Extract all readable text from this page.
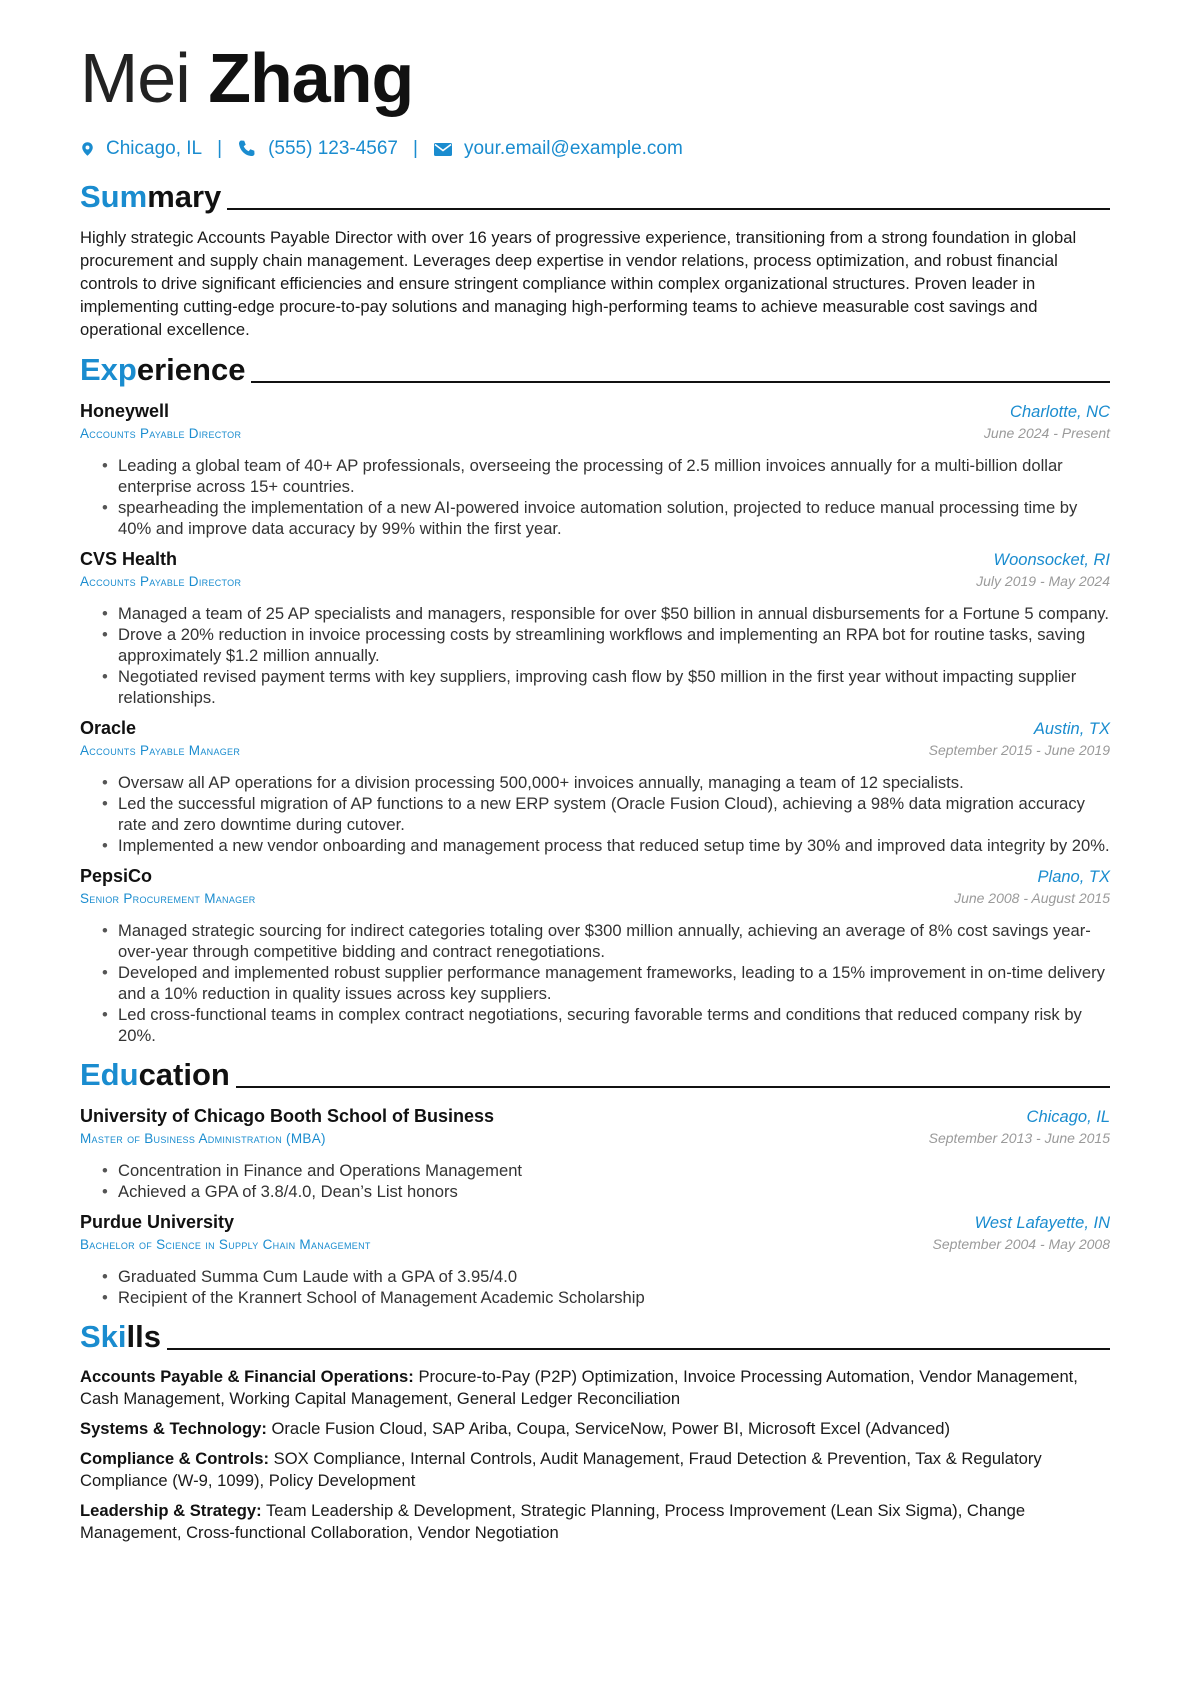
Mei Zhang
Chicago, IL | (555) 123-4567 | your.email@example.com
Summary
Highly strategic Accounts Payable Director with over 16 years of progressive experience, transitioning from a strong foundation in global procurement and supply chain management. Leverages deep expertise in vendor relations, process optimization, and robust financial controls to drive significant efficiencies and ensure stringent compliance within complex organizational structures. Proven leader in implementing cutting-edge procure-to-pay solutions and managing high-performing teams to achieve measurable cost savings and operational excellence.
Experience
Honeywell	Charlotte, NC
Accounts Payable Director	June 2024 - Present
• Leading a global team of 40+ AP professionals, overseeing the processing of 2.5 million invoices annually for a multi-billion dollar enterprise across 15+ countries.
• spearheading the implementation of a new AI-powered invoice automation solution, projected to reduce manual processing time by 40% and improve data accuracy by 99% within the first year.
CVS Health	Woonsocket, RI
Accounts Payable Director	July 2019 - May 2024
• Managed a team of 25 AP specialists and managers, responsible for over $50 billion in annual disbursements for a Fortune 5 company.
• Drove a 20% reduction in invoice processing costs by streamlining workflows and implementing an RPA bot for routine tasks, saving approximately $1.2 million annually.
• Negotiated revised payment terms with key suppliers, improving cash flow by $50 million in the first year without impacting supplier relationships.
Oracle	Austin, TX
Accounts Payable Manager	September 2015 - June 2019
• Oversaw all AP operations for a division processing 500,000+ invoices annually, managing a team of 12 specialists.
• Led the successful migration of AP functions to a new ERP system (Oracle Fusion Cloud), achieving a 98% data migration accuracy rate and zero downtime during cutover.
• Implemented a new vendor onboarding and management process that reduced setup time by 30% and improved data integrity by 20%.
PepsiCo	Plano, TX
Senior Procurement Manager	June 2008 - August 2015
• Managed strategic sourcing for indirect categories totaling over $300 million annually, achieving an average of 8% cost savings year-over-year through competitive bidding and contract renegotiations.
• Developed and implemented robust supplier performance management frameworks, leading to a 15% improvement in on-time delivery and a 10% reduction in quality issues across key suppliers.
• Led cross-functional teams in complex contract negotiations, securing favorable terms and conditions that reduced company risk by 20%.
Education
University of Chicago Booth School of Business	Chicago, IL
Master of Business Administration (MBA)	September 2013 - June 2015
• Concentration in Finance and Operations Management
• Achieved a GPA of 3.8/4.0, Dean’s List honors
Purdue University	West Lafayette, IN
Bachelor of Science in Supply Chain Management	September 2004 - May 2008
• Graduated Summa Cum Laude with a GPA of 3.95/4.0
• Recipient of the Krannert School of Management Academic Scholarship
Skills
Accounts Payable & Financial Operations: Procure-to-Pay (P2P) Optimization, Invoice Processing Automation, Vendor Management, Cash Management, Working Capital Management, General Ledger Reconciliation
Systems & Technology: Oracle Fusion Cloud, SAP Ariba, Coupa, ServiceNow, Power BI, Microsoft Excel (Advanced)
Compliance & Controls: SOX Compliance, Internal Controls, Audit Management, Fraud Detection & Prevention, Tax & Regulatory Compliance (W-9, 1099), Policy Development
Leadership & Strategy: Team Leadership & Development, Strategic Planning, Process Improvement (Lean Six Sigma), Change Management, Cross-functional Collaboration, Vendor Negotiation
